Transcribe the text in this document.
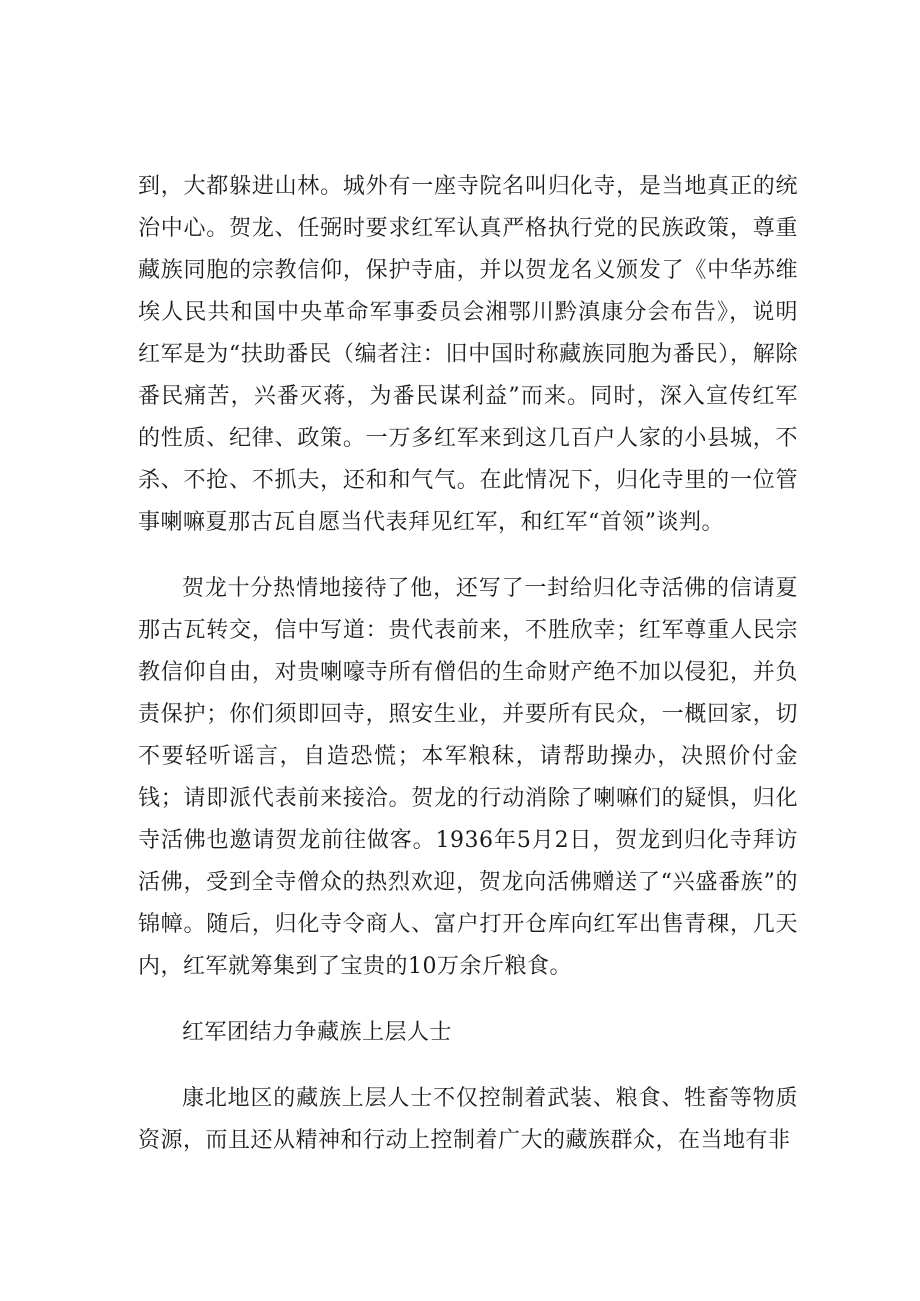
到，大都躲进山林。城外有一座寺院名叫归化寺，是当地真正的统治中心。贺龙、任弼时要求红军认真严格执行党的民族政策，尊重藏族同胞的宗教信仰，保护寺庙，并以贺龙名义颁发了《中华苏维埃人民共和国中央革命军事委员会湘鄂川黔滇康分会布告》，说明红军是为“扶助番民（编者注：旧中国时称藏族同胞为番民），解除番民痛苦，兴番灭蒋，为番民谋利益”而来。同时，深入宣传红军的性质、纪律、政策。一万多红军来到这几百户人家的小县城，不杀、不抢、不抓夫，还和和气气。在此情况下，归化寺里的一位管事喇嘛夏那古瓦自愿当代表拜见红军，和红军“首领”谈判。

贺龙十分热情地接待了他，还写了一封给归化寺活佛的信请夏那古瓦转交，信中写道：贵代表前来，不胜欣幸；红军尊重人民宗教信仰自由，对贵喇嚎寺所有僧侣的生命财产绝不加以侵犯，并负责保护；你们须即回寺，照安生业，并要所有民众，一概回家，切不要轻听谣言，自造恐慌；本军粮秣，请帮助操办，决照价付金钱；请即派代表前来接洽。贺龙的行动消除了喇嘛们的疑惧，归化寺活佛也邀请贺龙前往做客。1936年5月2日，贺龙到归化寺拜访活佛，受到全寺僧众的热烈欢迎，贺龙向活佛赠送了“兴盛番族”的锦幛。随后，归化寺令商人、富户打开仓库向红军出售青稞，几天内，红军就筹集到了宝贵的10万余斤粮食。

红军团结力争藏族上层人士

康北地区的藏族上层人士不仅控制着武装、粮食、牲畜等物质资源，而且还从精神和行动上控制着广大的藏族群众，在当地有非
